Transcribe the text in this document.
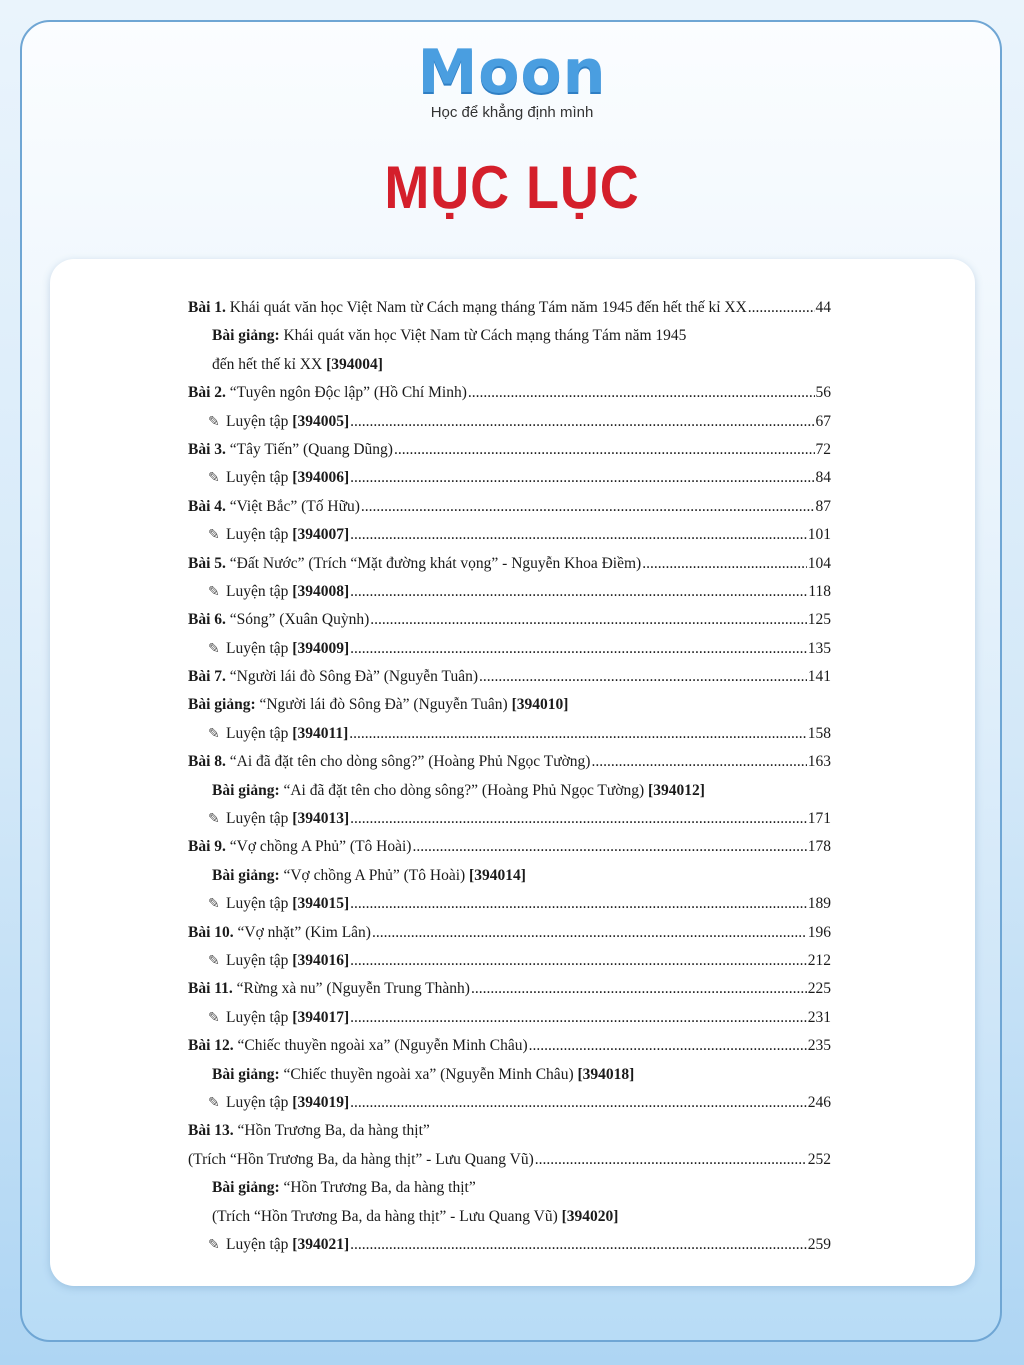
Moon
Học để khẳng định mình
MỤC LỤC
Bài 1. Khái quát văn học Việt Nam từ Cách mạng tháng Tám năm 1945 đến hết thế kỉ XX .....	44
Bài giảng: Khái quát văn học Việt Nam từ Cách mạng tháng Tám năm 1945
đến hết thế kỉ XX [394004]
Bài 2. “Tuyên ngôn Độc lập” (Hồ Chí Minh) .....	56
✎ Luyện tập [394005] .....	67
Bài 3. “Tây Tiến” (Quang Dũng) .....	72
✎ Luyện tập [394006] .....	84
Bài 4. “Việt Bắc” (Tố Hữu) .....	87
✎ Luyện tập [394007] .....	101
Bài 5. “Đất Nước” (Trích “Mặt đường khát vọng” - Nguyễn Khoa Điềm) .....	104
✎ Luyện tập [394008] .....	118
Bài 6. “Sóng” (Xuân Quỳnh) .....	125
✎ Luyện tập [394009] .....	135
Bài 7. “Người lái đò Sông Đà” (Nguyễn Tuân) .....	141
Bài giảng: “Người lái đò Sông Đà” (Nguyễn Tuân) [394010]
✎ Luyện tập [394011] .....	158
Bài 8. “Ai đã đặt tên cho dòng sông?” (Hoàng Phủ Ngọc Tường) .....	163
Bài giảng: “Ai đã đặt tên cho dòng sông?” (Hoàng Phủ Ngọc Tường) [394012]
✎ Luyện tập [394013] .....	171
Bài 9. “Vợ chồng A Phủ” (Tô Hoài) .....	178
Bài giảng: “Vợ chồng A Phủ” (Tô Hoài) [394014]
✎ Luyện tập [394015] .....	189
Bài 10. “Vợ nhặt” (Kim Lân) .....	196
✎ Luyện tập [394016] .....	212
Bài 11. “Rừng xà nu” (Nguyễn Trung Thành) .....	225
✎ Luyện tập [394017] .....	231
Bài 12. “Chiếc thuyền ngoài xa” (Nguyễn Minh Châu) .....	235
Bài giảng: “Chiếc thuyền ngoài xa” (Nguyễn Minh Châu) [394018]
✎ Luyện tập [394019] .....	246
Bài 13. “Hồn Trương Ba, da hàng thịt”
(Trích “Hồn Trương Ba, da hàng thịt” - Lưu Quang Vũ) .....	252
Bài giảng: “Hồn Trương Ba, da hàng thịt”
(Trích “Hồn Trương Ba, da hàng thịt” - Lưu Quang Vũ) [394020]
✎ Luyện tập [394021] .....	259
